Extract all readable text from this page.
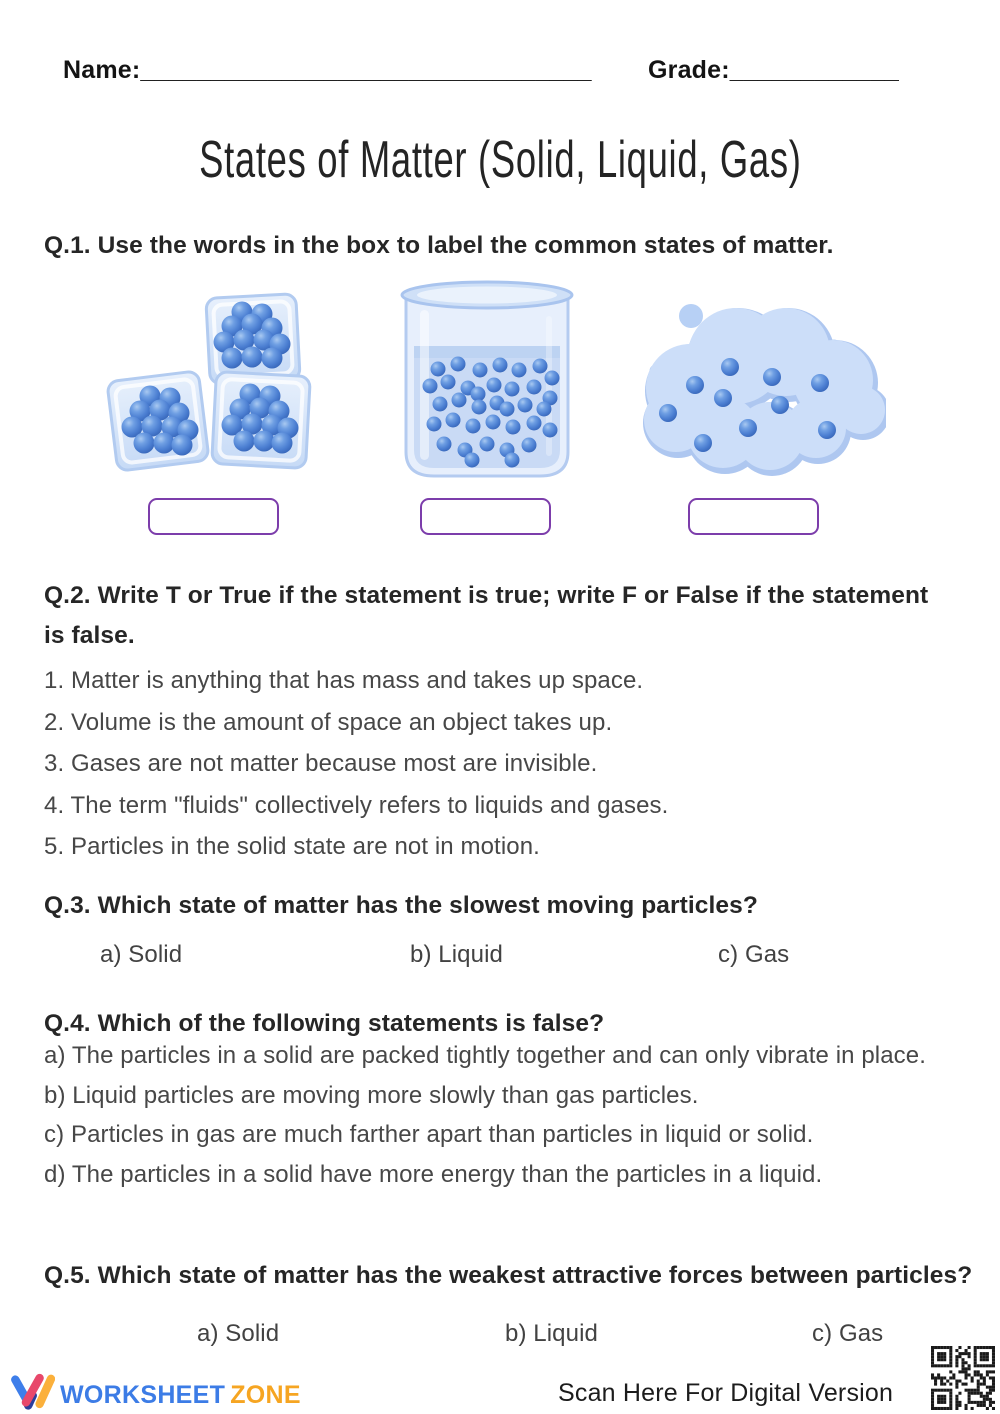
Name:________________________________ Grade:____________
States of Matter (Solid, Liquid, Gas)
Q.1. Use the words in the box to label the common states of matter.
Q.2. Write T or True if the statement is true; write F or False if the statement is false.
1. Matter is anything that has mass and takes up space.
2. Volume is the amount of space an object takes up.
3. Gases are not matter because most are invisible.
4. The term "fluids" collectively refers to liquids and gases.
5. Particles in the solid state are not in motion.
Q.3. Which state of matter has the slowest moving particles?
a) Solid	b) Liquid	c) Gas
Q.4. Which of the following statements is false?
a) The particles in a solid are packed tightly together and can only vibrate in place.
b) Liquid particles are moving more slowly than gas particles.
c) Particles in gas are much farther apart than particles in liquid or solid.
d) The particles in a solid have more energy than the particles in a liquid.
Q.5. Which state of matter has the weakest attractive forces between particles?
a) Solid	b) Liquid	c) Gas
WORKSHEET ZONE	Scan Here For Digital Version
